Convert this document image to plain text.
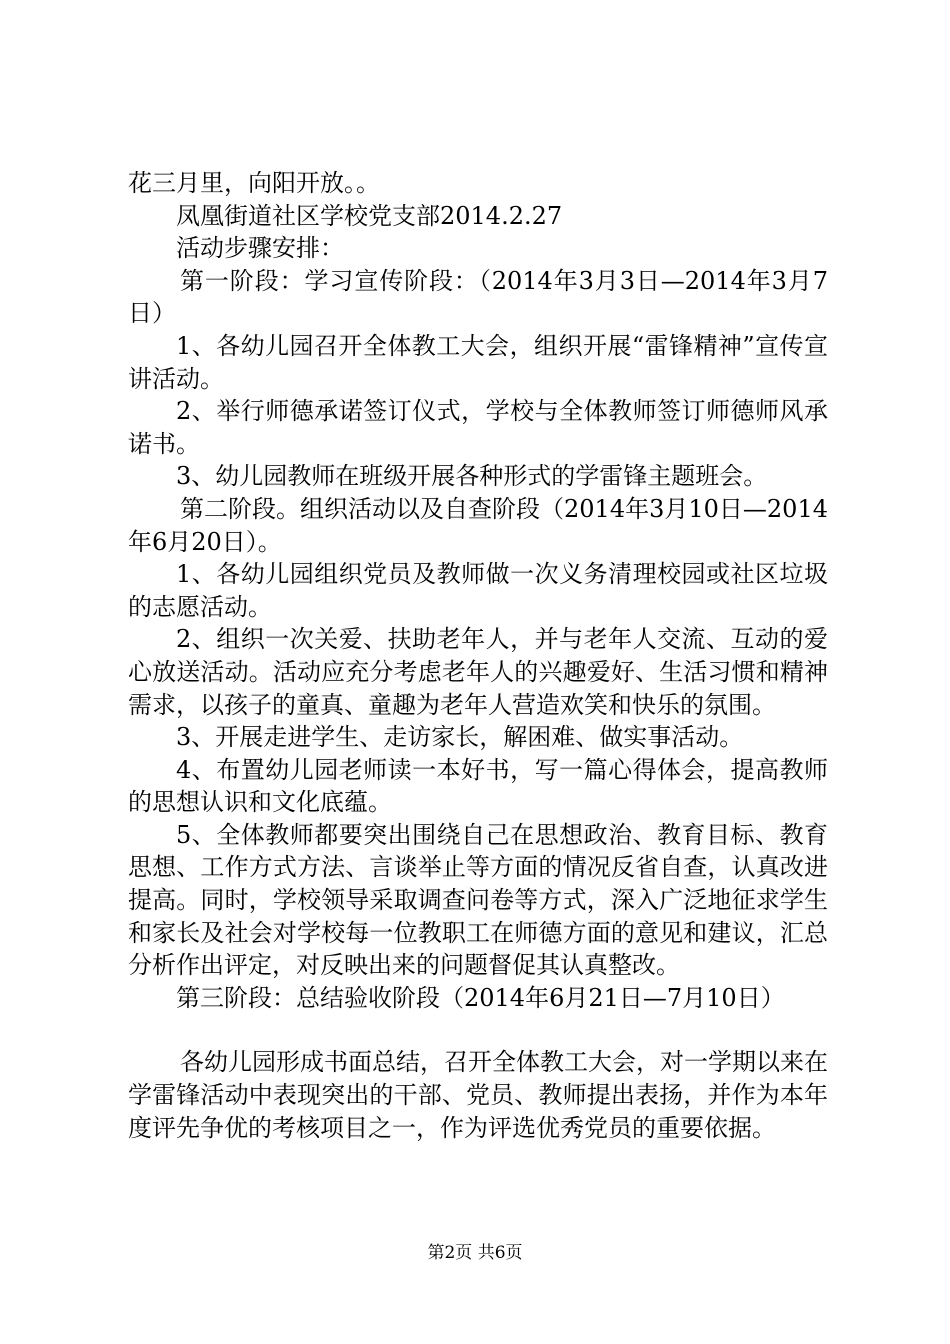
花三月里，向阳开放。。

凤凰街道社区学校党支部2014.2.27

活动步骤安排：

第一阶段：学习宣传阶段：（2014年3月3日—2014年3月7日）

1、各幼儿园召开全体教工大会，组织开展“雷锋精神”宣传宣讲活动。

2、举行师德承诺签订仪式，学校与全体教师签订师德师风承诺书。

3、幼儿园教师在班级开展各种形式的学雷锋主题班会。

第二阶段。组织活动以及自查阶段（2014年3月10日—2014年6月20日）。

1、各幼儿园组织党员及教师做一次义务清理校园或社区垃圾的志愿活动。

2、组织一次关爱、扶助老年人，并与老年人交流、互动的爱心放送活动。活动应充分考虑老年人的兴趣爱好、生活习惯和精神需求，以孩子的童真、童趣为老年人营造欢笑和快乐的氛围。

3、开展走进学生、走访家长，解困难、做实事活动。

4、布置幼儿园老师读一本好书，写一篇心得体会，提高教师的思想认识和文化底蕴。

5、全体教师都要突出围绕自己在思想政治、教育目标、教育思想、工作方式方法、言谈举止等方面的情况反省自查，认真改进提高。同时，学校领导采取调查问卷等方式，深入广泛地征求学生和家长及社会对学校每一位教职工在师德方面的意见和建议，汇总分析作出评定，对反映出来的问题督促其认真整改。

第三阶段：总结验收阶段（2014年6月21日—7月10日）

各幼儿园形成书面总结，召开全体教工大会，对一学期以来在学雷锋活动中表现突出的干部、党员、教师提出表扬，并作为本年度评先争优的考核项目之一，作为评选优秀党员的重要依据。

第2页 共6页
